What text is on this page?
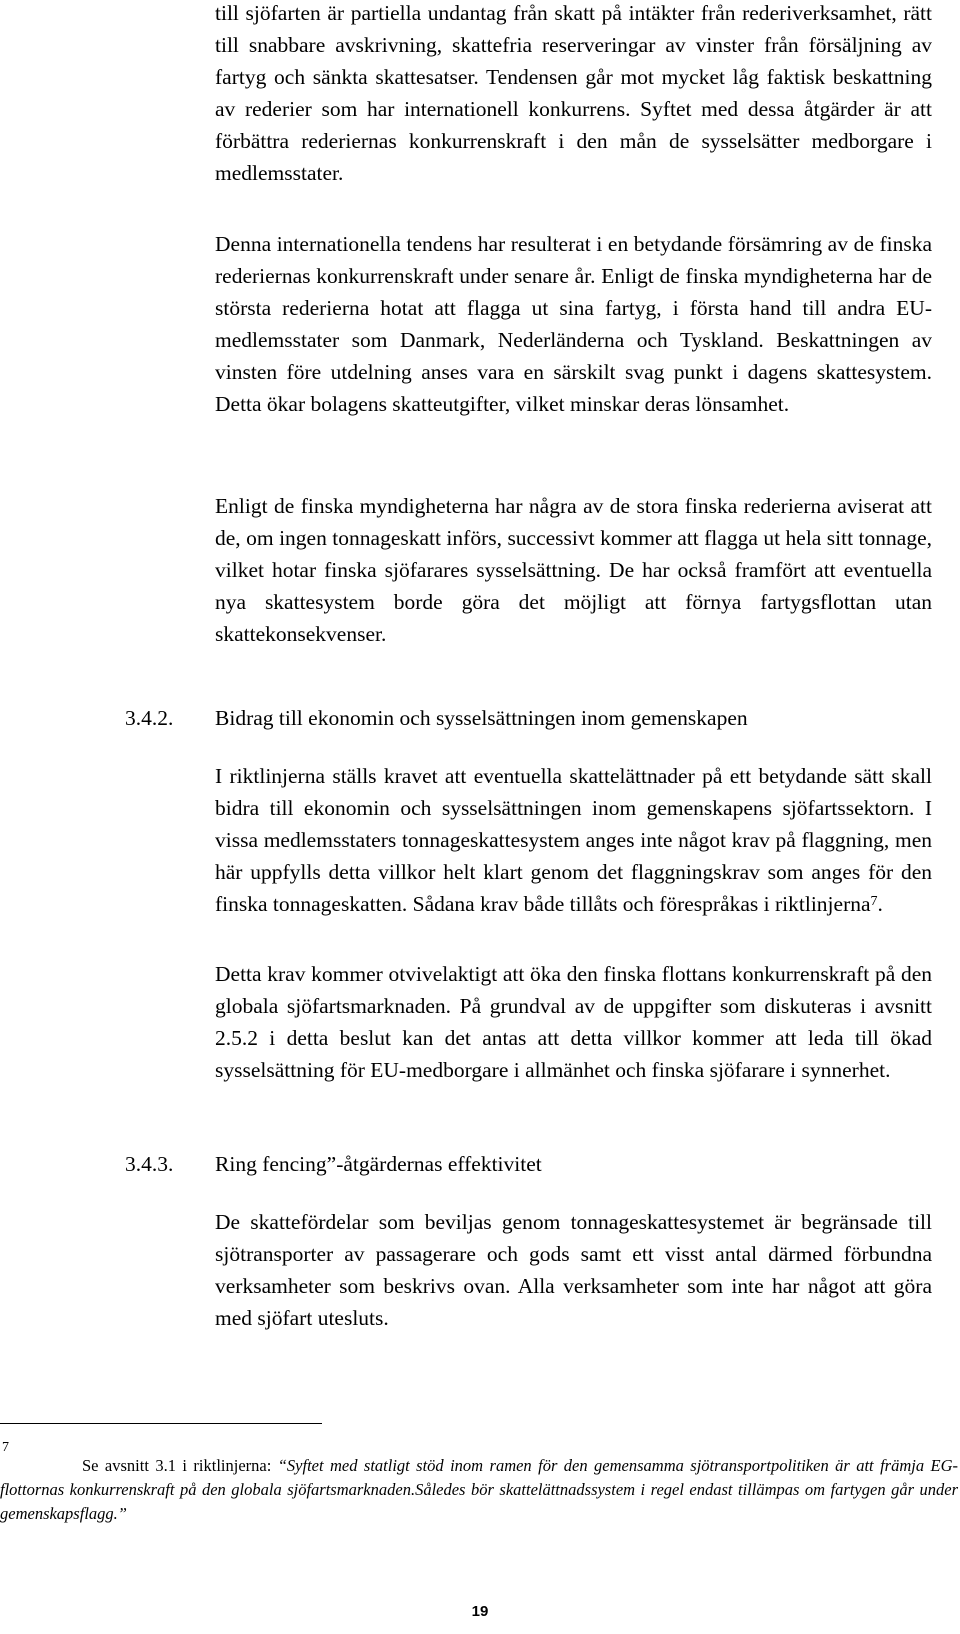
till sjöfarten är partiella undantag från skatt på intäkter från rederiverksamhet, rätt till snabbare avskrivning, skattefria reserveringar av vinster från försäljning av fartyg och sänkta skattesatser. Tendensen går mot mycket låg faktisk beskattning av rederier som har internationell konkurrens. Syftet med dessa åtgärder är att förbättra rederiernas konkurrenskraft i den mån de sysselsätter medborgare i medlemsstater.

Denna internationella tendens har resulterat i en betydande försämring av de finska rederiernas konkurrenskraft under senare år. Enligt de finska myndigheterna har de största rederierna hotat att flagga ut sina fartyg, i första hand till andra EU-medlemsstater som Danmark, Nederländerna och Tyskland. Beskattningen av vinsten före utdelning anses vara en särskilt svag punkt i dagens skattesystem. Detta ökar bolagens skatteutgifter, vilket minskar deras lönsamhet.

Enligt de finska myndigheterna har några av de stora finska rederierna aviserat att de, om ingen tonnageskatt införs, successivt kommer att flagga ut hela sitt tonnage, vilket hotar finska sjöfarares sysselsättning. De har också framfört att eventuella nya skattesystem borde göra det möjligt att förnya fartygsflottan utan skattekonsekvenser.

3.4.2. Bidrag till ekonomin och sysselsättningen inom gemenskapen

I riktlinjerna ställs kravet att eventuella skattelättnader på ett betydande sätt skall bidra till ekonomin och sysselsättningen inom gemenskapens sjöfartssektorn. I vissa medlemsstaters tonnageskattesystem anges inte något krav på flaggning, men här uppfylls detta villkor helt klart genom det flaggningskrav som anges för den finska tonnageskatten. Sådana krav både tillåts och förespråkas i riktlinjerna$^7$.

Detta krav kommer otvivelaktigt att öka den finska flottans konkurrenskraft på den globala sjöfartsmarknaden. På grundval av de uppgifter som diskuteras i avsnitt 2.5.2 i detta beslut kan det antas att detta villkor kommer att leda till ökad sysselsättning för EU-medborgare i allmänhet och finska sjöfarare i synnerhet.

3.4.3. Ring fencing”-åtgärdernas effektivitet

De skattefördelar som beviljas genom tonnageskattesystemet är begränsade till sjötransporter av passagerare och gods samt ett visst antal därmed förbundna verksamheter som beskrivs ovan. Alla verksamheter som inte har något att göra med sjöfart utesluts.

7

Se avsnitt 3.1 i riktlinjerna: “Syftet med statligt stöd inom ramen för den gemensamma sjötransportpolitiken är att främja EG-flottornas konkurrenskraft på den globala sjöfartsmarknaden.Således bör skattelättnadssystem i regel endast tillämpas om fartygen går under gemenskapsflagg.”

19
